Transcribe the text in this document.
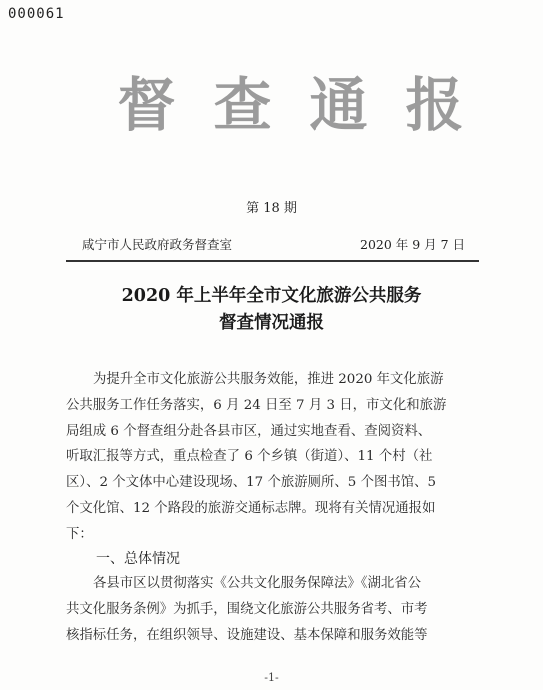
000061
督查通报
第 18 期
咸宁市人民政府政务督查室	2020 年 9 月 7 日
2020 年上半年全市文化旅游公共服务
督查情况通报

为提升全市文化旅游公共服务效能，推进 2020 年文化旅游
公共服务工作任务落实，6 月 24 日至 7 月 3 日，市文化和旅游
局组成 6 个督查组分赴各县市区，通过实地查看、查阅资料、
听取汇报等方式，重点检查了 6 个乡镇（街道）、11 个村（社
区）、2 个文体中心建设现场、17 个旅游厕所、5 个图书馆、5
个文化馆、12 个路段的旅游交通标志牌。现将有关情况通报如
下：

一、总体情况

各县市区以贯彻落实《公共文化服务保障法》《湖北省公
共文化服务条例》为抓手，围绕文化旅游公共服务省考、市考
核指标任务，在组织领导、设施建设、基本保障和服务效能等

-1-
